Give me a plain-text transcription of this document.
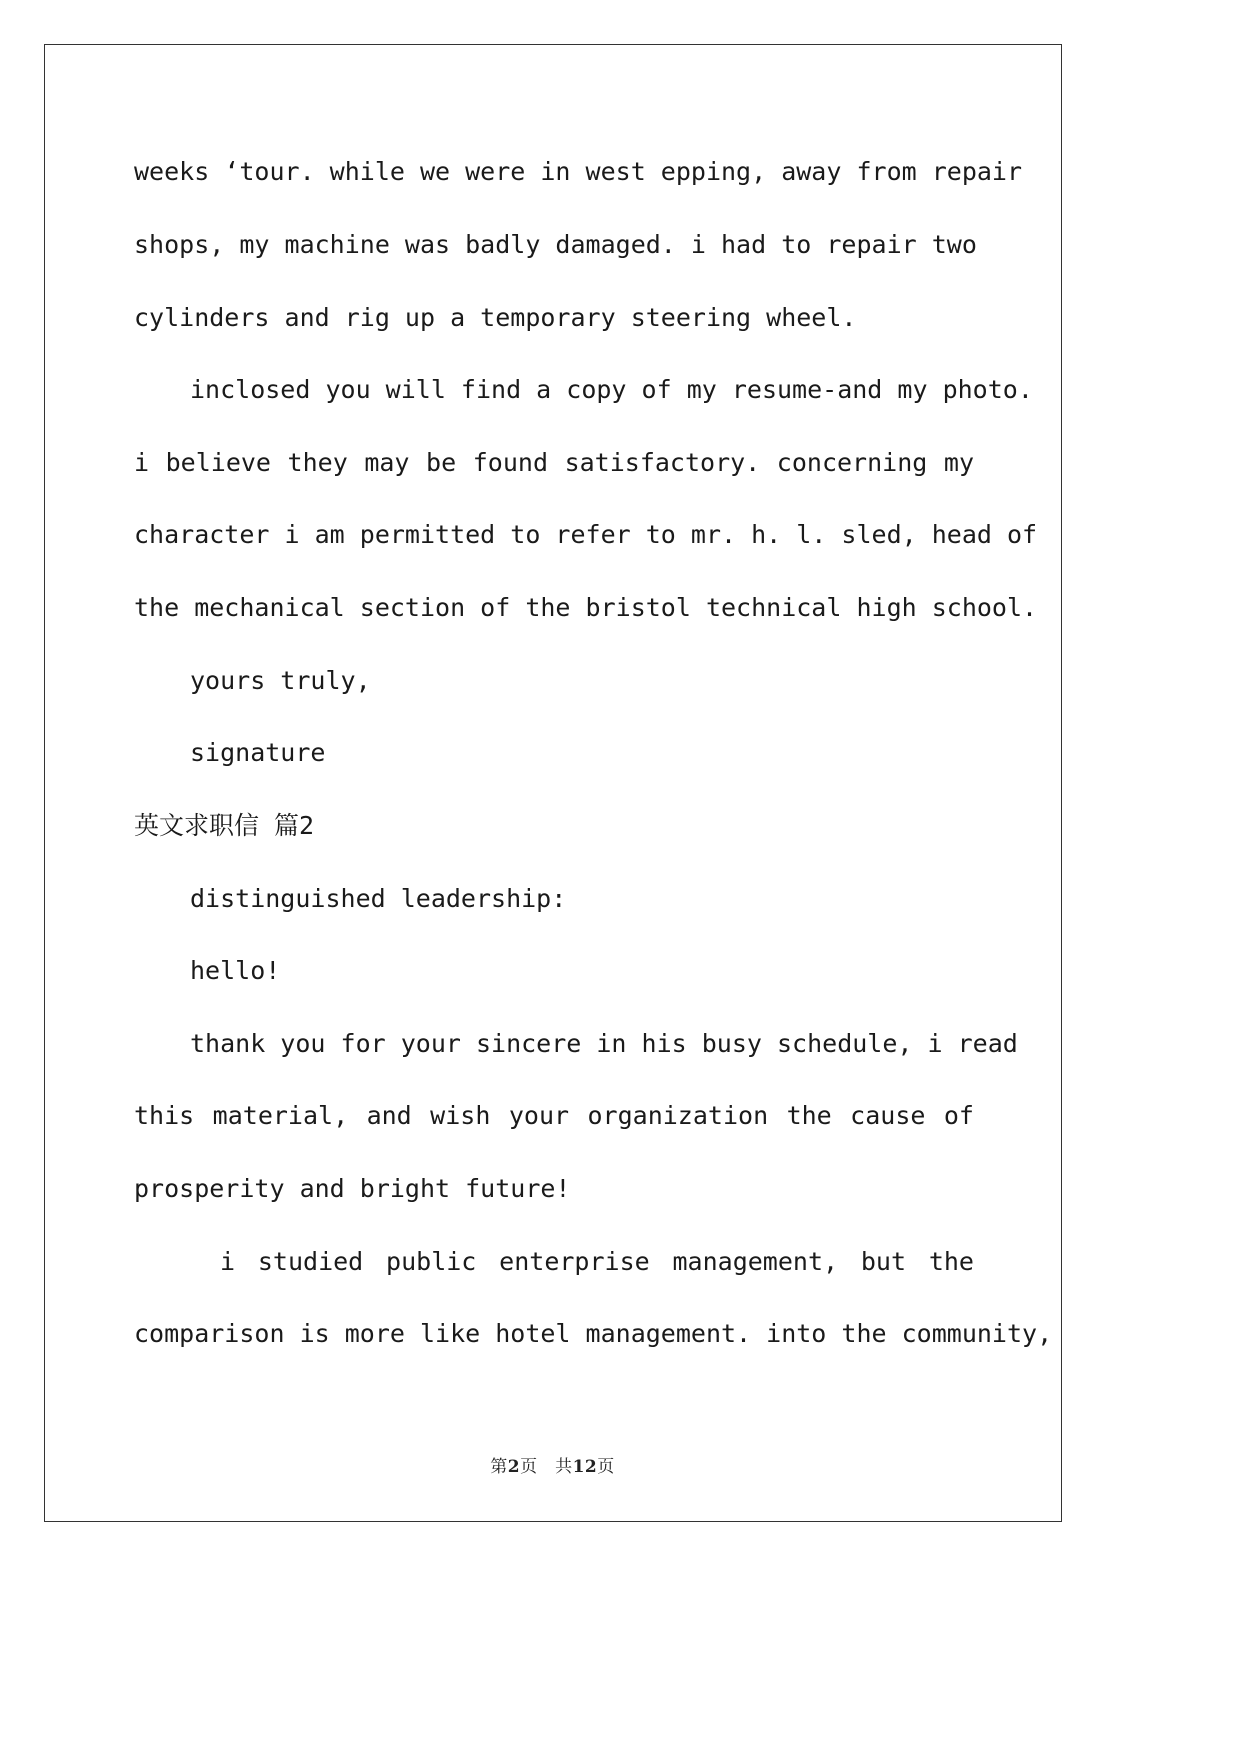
weeks ‘tour. while we were in west epping, away from repair
shops, my machine was badly damaged. i had to repair two
cylinders and rig up a temporary steering wheel.
inclosed you will find a copy of my resume-and my photo.
i believe they may be found satisfactory. concerning my
character i am permitted to refer to mr. h. l. sled, head of
the mechanical section of the bristol technical high school.
yours truly,
signature
英文求职信 篇2
distinguished leadership:
hello!
thank you for your sincere in his busy schedule, i read
this material, and wish your organization the cause of
prosperity and bright future!
i studied public enterprise management, but the
comparison is more like hotel management. into the community,
第2页　共12页
